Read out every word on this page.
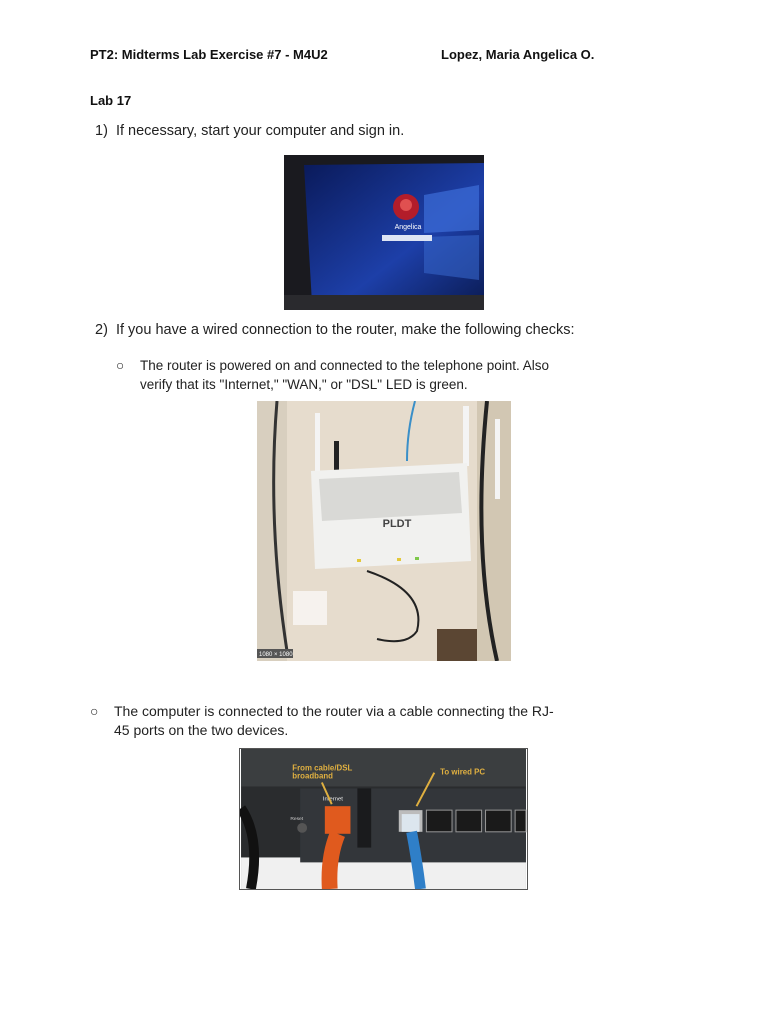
PT2: Midterms Lab Exercise #7 - M4U2	Lopez, Maria Angelica O.
Lab 17
1) If necessary, start your computer and sign in.
Angelica
2) If you have a wired connection to the router, make the following checks:
○ The router is powered on and connected to the telephone point. Also
verify that its "Internet," "WAN," or "DSL" LED is green.
PLDT
1080 × 1080
○ The computer is connected to the router via a cable connecting the RJ-
45 ports on the two devices.
From cable/DSL
broadband	To wired PC
Internet
Reset
